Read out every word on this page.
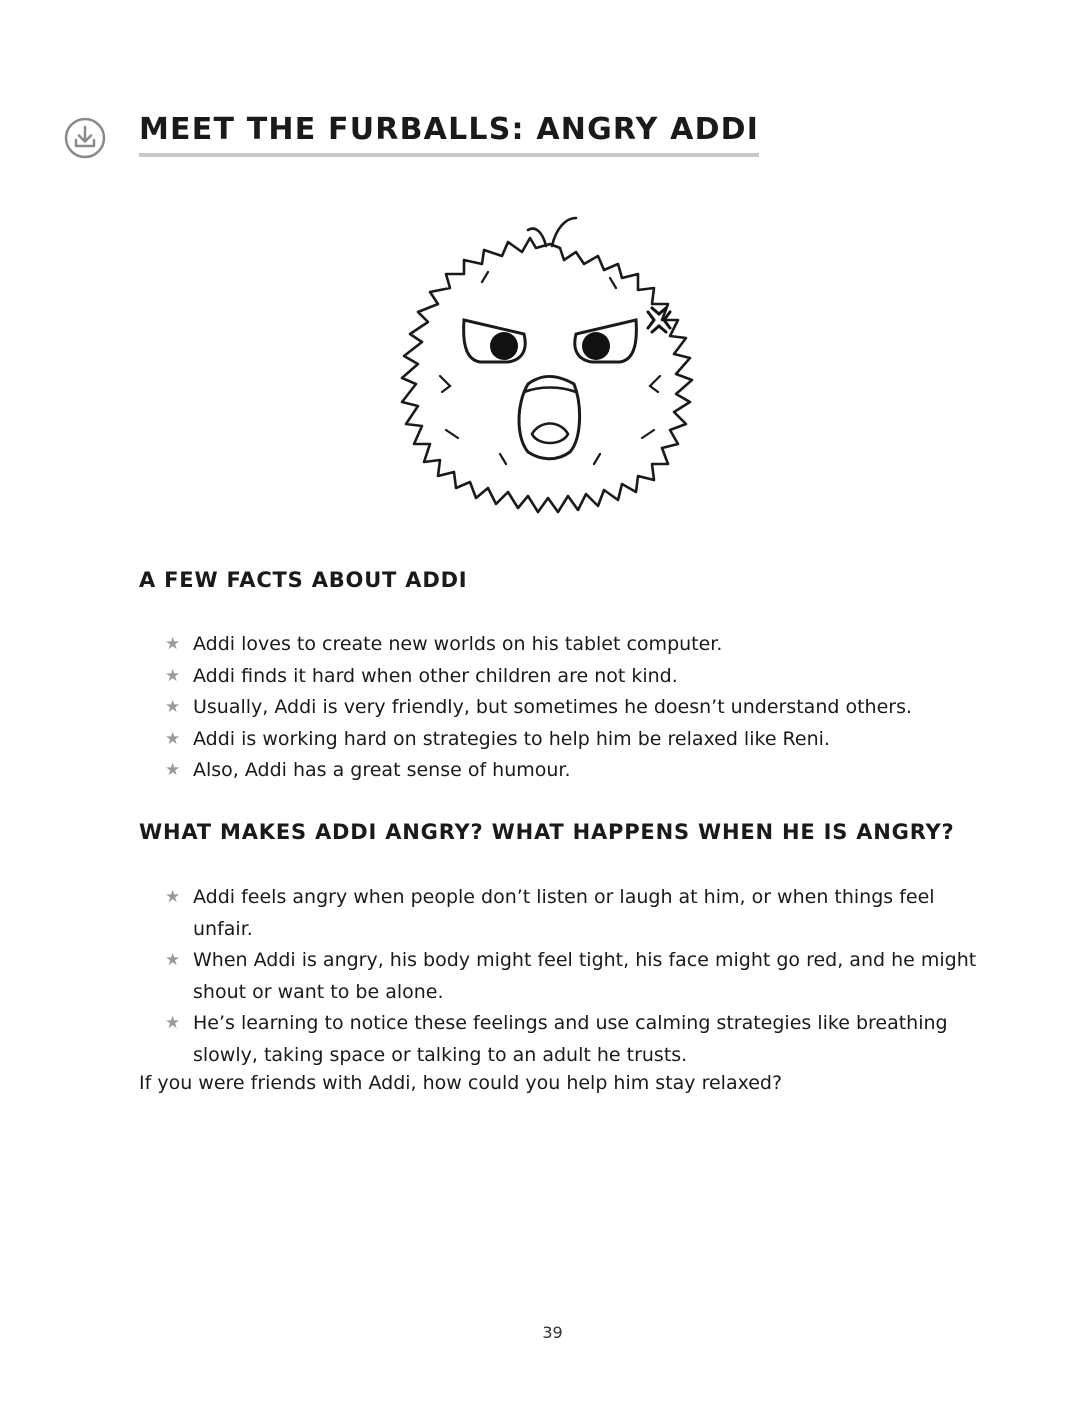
MEET THE FURBALLS: ANGRY ADDI
A FEW FACTS ABOUT ADDI
★ Addi loves to create new worlds on his tablet computer.
★ Addi finds it hard when other children are not kind.
★ Usually, Addi is very friendly, but sometimes he doesn’t understand others.
★ Addi is working hard on strategies to help him be relaxed like Reni.
★ Also, Addi has a great sense of humour.
WHAT MAKES ADDI ANGRY? WHAT HAPPENS WHEN HE IS ANGRY?
★ Addi feels angry when people don’t listen or laugh at him, or when things feel unfair.
★ When Addi is angry, his body might feel tight, his face might go red, and he might shout or want to be alone.
★ He’s learning to notice these feelings and use calming strategies like breathing slowly, taking space or talking to an adult he trusts.

If you were friends with Addi, how could you help him stay relaxed?

39
